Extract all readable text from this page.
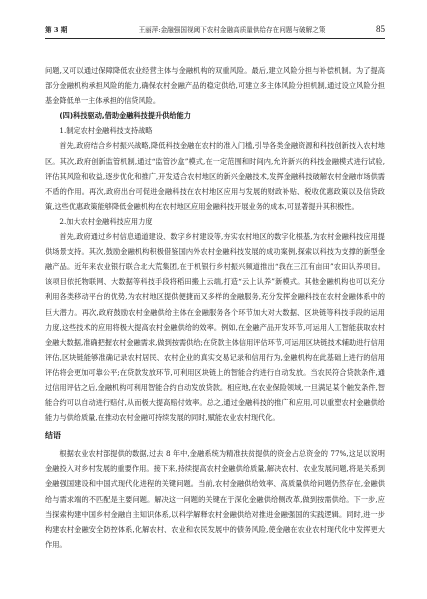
第 3 期	王丽萍:金融强国视阈下农村金融高质量供给存在问题与破解之策	85

问题,又可以通过保障降低农业经营主体与金融机构的双重风险。最后,建立风险分担与补偿机制。为了提高部分金融机构承担风险的能力,确保农村金融产品的稳定供给,可建立多主体风险分担机制,通过设立风险分担基金降低单一主体承担的信贷风险。

(四)科技驱动,借助金融科技提升供给能力

1.制定农村金融科技支持战略

首先,政府结合乡村振兴战略,降低科技金融在农村的准入门槛,引导各类金融资源和科技创新技入农村地区。其次,政府创新监管机制,通过“监管沙盒”模式,在一定范围和时间内,允许新兴的科技金融模式进行试验,评估其风险和收益,逐步优化和推广,开发适合农村地区的新兴金融技术,发挥金融科技破解农村金融市场供需不盾的作用。再次,政府出台可促进金融科技在农村地区应用与发展的财政补贴、税收优惠政策以及信贷政策,这些优惠政策能够降低金融机构在农村地区应用金融科技开展业务的成本,可显著提升其积极性。

2.加大农村金融科技应用力度

首先,政府通过乡村信息通道建设、数字乡村建设等,夯实农村地区的数字化根基,为农村金融科技应用提供场景支持。其次,鼓励金融机构积极借鉴国内外农村金融科技发展的成功案例,探索以科技为支撑的新型金融产品。近年来农业银行联合北大荒集团,在于机银行乡村振兴频道推出“我在三江有亩田”农田认养项目。该项目依托物联网、大数据等科技手段将稻田搬上云端,打造“云上认养”新模式。其他金融机构也可以充分利用各类移动平台的优势,为农村地区提供便捷而又多样的金融服务,充分发挥金融科技在农村金融体系中的巨大潜力。再次,政府鼓励农村金融供给主体在金融服务各个环节加大对大数据、区块链等科技手段的运用力度,这些技术的应用将极大提高农村金融供给的效率。例如,在金融产品开发环节,可运用人工智能获取农村金融大数据,准确把握农村金融需求,做到按需供给;在贷款主体信用评估环节,可运用区块链技术辅助进行信用评估,区块链能够准确记录农村居民、农村企业的真实交易记录和信用行为,金融机构在此基础上进行的信用评估将会更加可靠公平;在贷款发放环节,可利用区块链上的智能合约进行自动发放。当农民符合贷款条件,通过信用评估之后,金融机构可利用智能合约自动发放贷款。相应地,在农业保险领域,一旦满足某个触发条件,智能合约可以自动进行赔付,从而极大提高赔付效率。总之,通过金融科技的推广和应用,可以重塑农村金融供给能力与供给质量,在推动农村金融可持续发展的同时,赋能农业农村现代化。

结语

根据农业农村部提供的数据,过去 8 年中,金融系统为精准扶贫提供的资金占总资金的 77%,这足以说明金融投入对乡村发展的重要作用。接下来,持续提高农村金融供给质量,解决农村、农业发展问题,将是关系到金融强国建设和中国式现代化进程的关键问题。当前,农村金融供给效率、高质量供给问题仍然存在,金融供给与需求端的不匹配是主要问题。解决这一问题的关键在于深化金融供给侧改革,做到按需供给。下一步,应当探索构建中国乡村金融自主知识体系,以科学解释农村金融供给对推进金融强国的实践逻辑。同时,进一步构建农村金融安全防控体系,化解农村、农业和农民发展中的债务风险,使金融在农业农村现代化中发挥更大作用。
